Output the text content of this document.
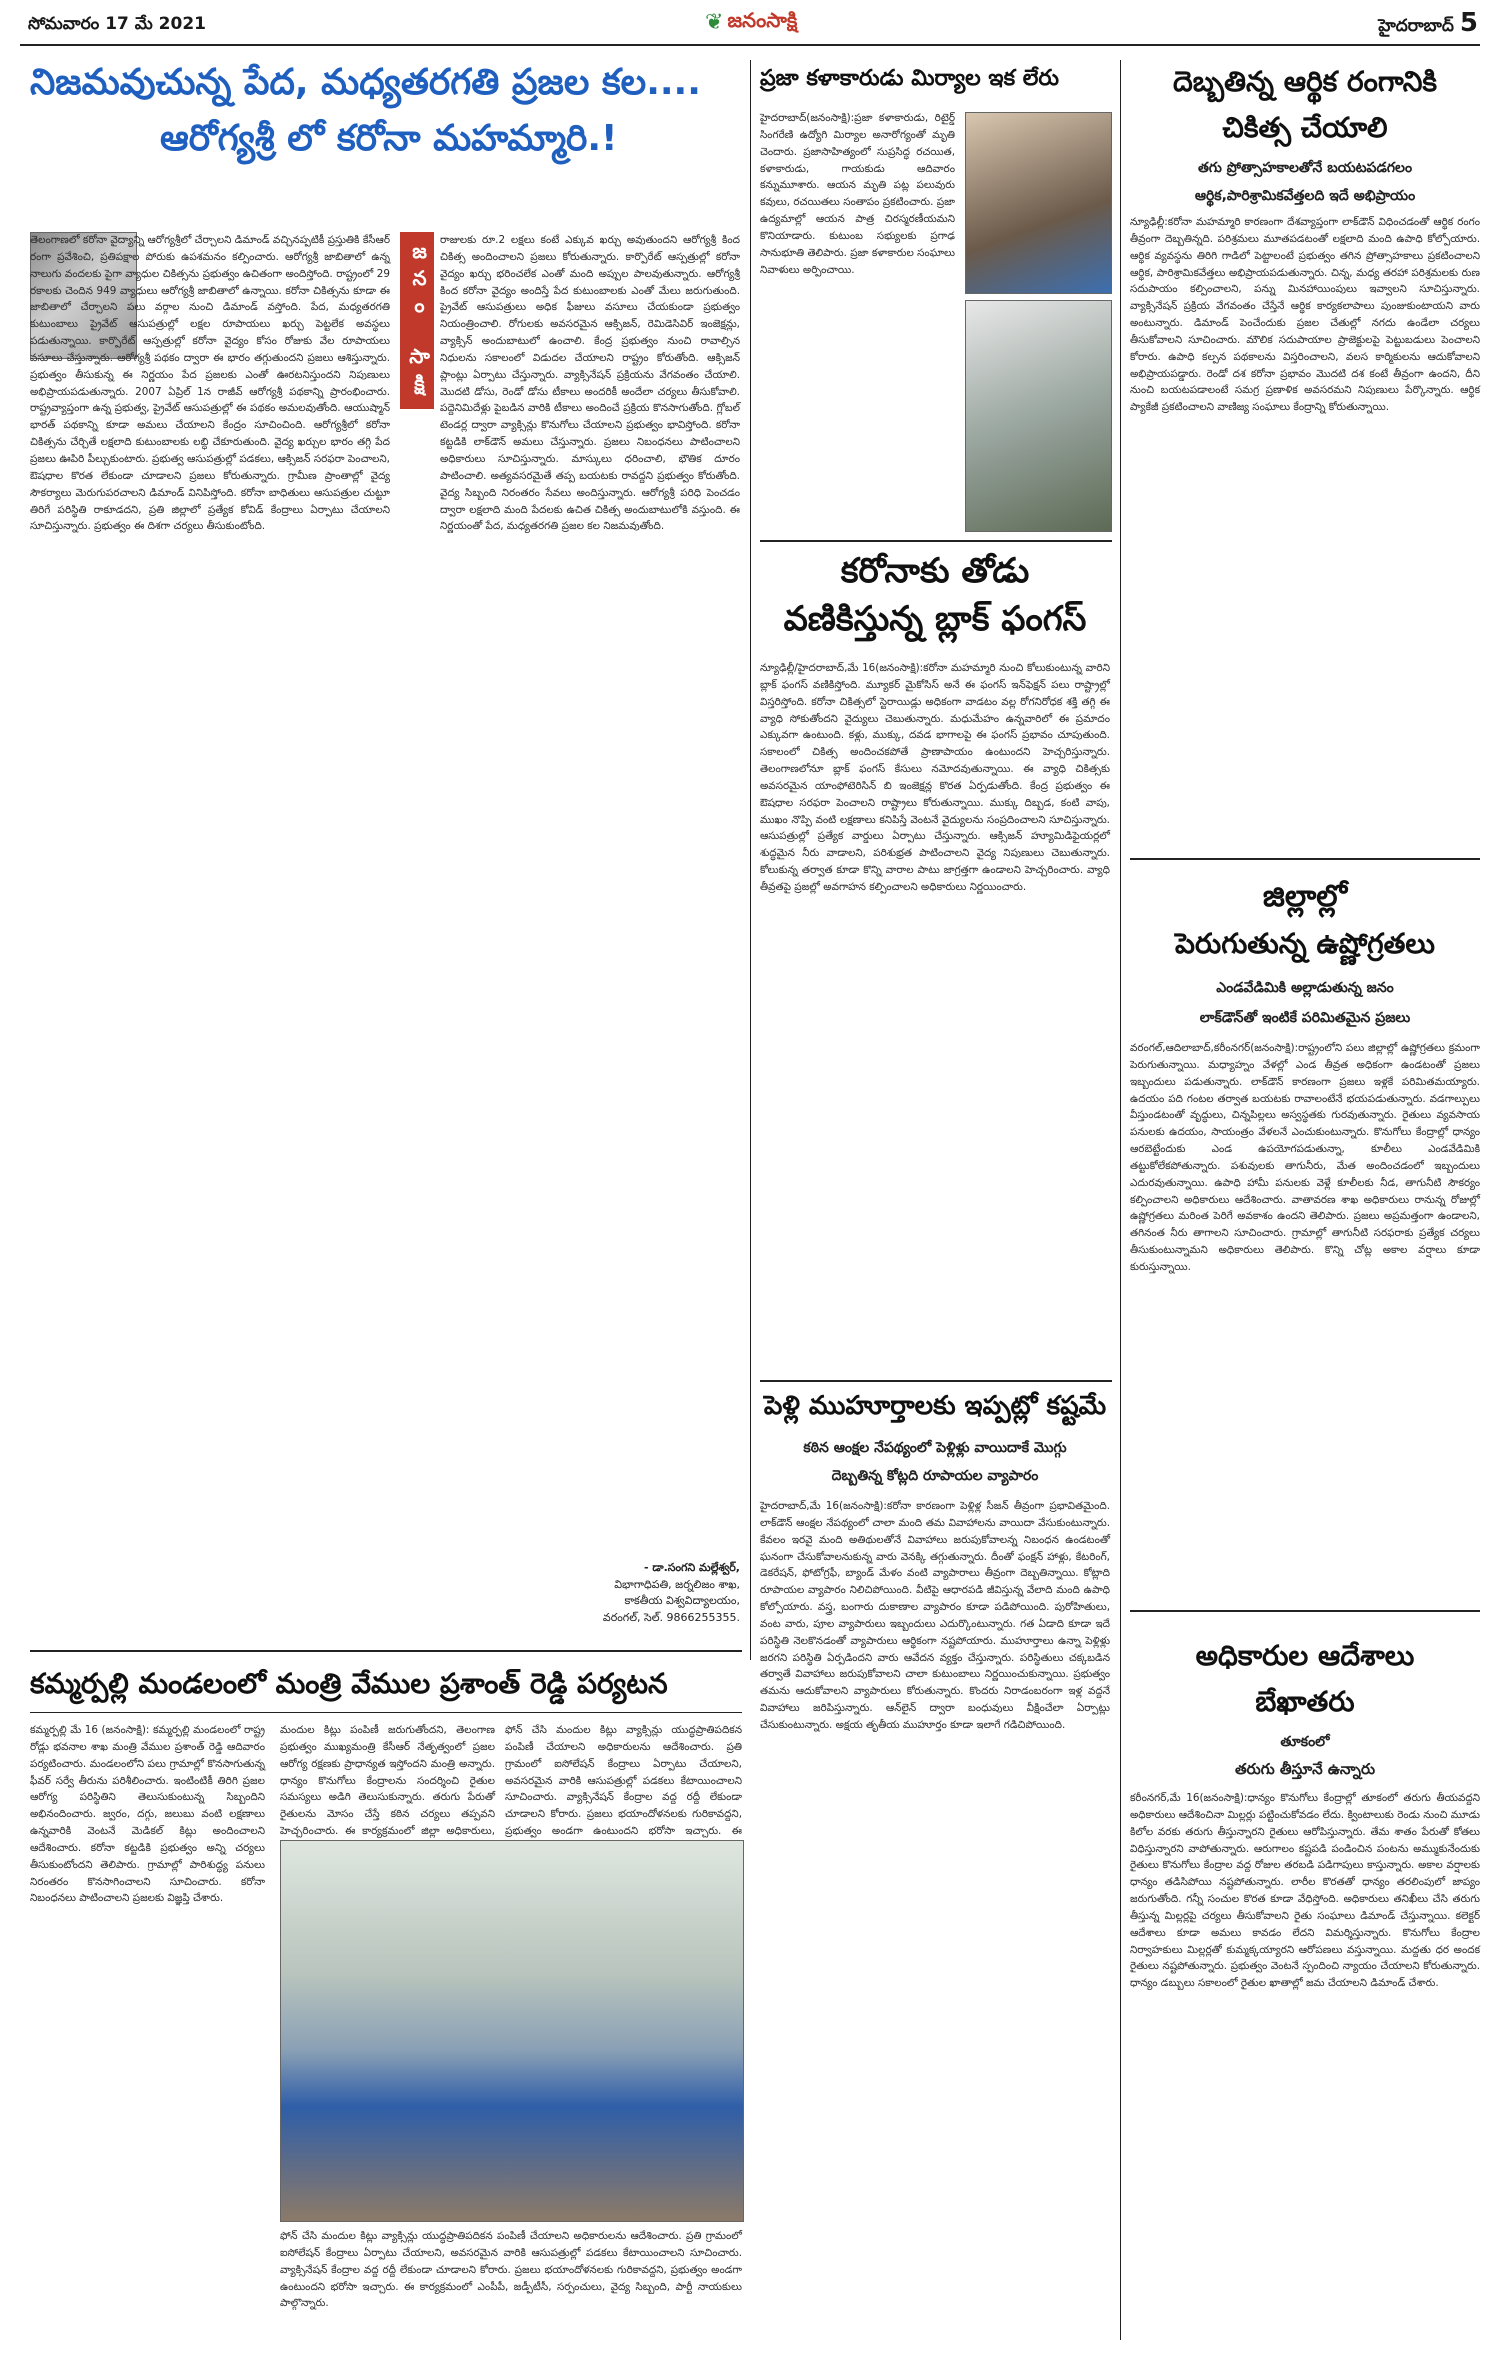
సోమవారం 17 మే 2021	❦ జనంసాక్షి	హైదరాబాద్ 5
నిజమవుచున్న పేద, మధ్యతరగతి ప్రజల కల....
ఆరోగ్యశ్రీ లో కరోనా మహమ్మారి.!
తెలంగాణలో కరోనా వైద్యాన్ని ఆరోగ్యశ్రీలో చేర్చాలని డిమాండ్ వచ్చినప్పటికీ ప్రస్తుతికి కేసీఆర్ రంగా ప్రవేశించి, ప్రతిపక్షాల పోరుకు ఉపశమనం కల్పించారు. ఆరోగ్యశ్రీ జాబితాలో ఉన్న నాలుగు వందలకు పైగా వ్యాధుల చికిత్సను ప్రభుత్వం ఉచితంగా అందిస్తోంది. రాష్ట్రంలో 29 రకాలకు చెందిన 949 వ్యాధులు ఆరోగ్యశ్రీ జాబితాలో ఉన్నాయి. కరోనా చికిత్సను కూడా ఈ జాబితాలో చేర్చాలని పలు వర్గాల నుంచి డిమాండ్ వస్తోంది. పేద, మధ్యతరగతి కుటుంబాలు ప్రైవేట్ ఆసుపత్రుల్లో లక్షల రూపాయలు ఖర్చు పెట్టలేక అవస్థలు పడుతున్నాయి. కార్పొరేట్ ఆస్పత్రుల్లో కరోనా వైద్యం కోసం రోజుకు వేల రూపాయలు వసూలు చేస్తున్నారు. ఆరోగ్యశ్రీ పథకం ద్వారా ఈ భారం తగ్గుతుందని ప్రజలు ఆశిస్తున్నారు. ప్రభుత్వం తీసుకున్న ఈ నిర్ణయం పేద ప్రజలకు ఎంతో ఊరటనిస్తుందని నిపుణులు అభిప్రాయపడుతున్నారు. 2007 ఏప్రిల్ 1న రాజీవ్ ఆరోగ్యశ్రీ పథకాన్ని ప్రారంభించారు. రాష్ట్రవ్యాప్తంగా ఉన్న ప్రభుత్వ, ప్రైవేట్ ఆసుపత్రుల్లో ఈ పథకం అమలవుతోంది. ఆయుష్మాన్ భారత్ పథకాన్ని కూడా అమలు చేయాలని కేంద్రం సూచించింది. ఆరోగ్యశ్రీలో కరోనా చికిత్సను చేర్చితే లక్షలాది కుటుంబాలకు లబ్ధి చేకూరుతుంది. వైద్య ఖర్చుల భారం తగ్గి పేద ప్రజలు ఊపిరి పీల్చుకుంటారు. ప్రభుత్వ ఆసుపత్రుల్లో పడకలు, ఆక్సిజన్ సరఫరా పెంచాలని, ఔషధాల కొరత లేకుండా చూడాలని ప్రజలు కోరుతున్నారు. గ్రామీణ ప్రాంతాల్లో వైద్య సౌకర్యాలు మెరుగుపరచాలని డిమాండ్ వినిపిస్తోంది. కరోనా బాధితులు ఆసుపత్రుల చుట్టూ తిరిగే పరిస్థితి రాకూడదని, ప్రతి జిల్లాలో ప్రత్యేక కోవిడ్ కేంద్రాలు ఏర్పాటు చేయాలని సూచిస్తున్నారు. ప్రభుత్వం ఈ దిశగా చర్యలు తీసుకుంటోంది.
జనం సాక్షి
రాజులకు రూ.2 లక్షలు కంటే ఎక్కువ ఖర్చు అవుతుందని ఆరోగ్యశ్రీ కింద చికిత్స అందించాలని ప్రజలు కోరుతున్నారు. కార్పొరేట్ ఆస్పత్రుల్లో కరోనా వైద్యం ఖర్చు భరించలేక ఎంతో మంది అప్పుల పాలవుతున్నారు. ఆరోగ్యశ్రీ కింద కరోనా వైద్యం అందిస్తే పేద కుటుంబాలకు ఎంతో మేలు జరుగుతుంది. ప్రైవేట్ ఆసుపత్రులు అధిక ఫీజులు వసూలు చేయకుండా ప్రభుత్వం నియంత్రించాలి. రోగులకు అవసరమైన ఆక్సిజన్, రెమిడెసివిర్ ఇంజెక్షన్లు, వ్యాక్సిన్ అందుబాటులో ఉంచాలి. కేంద్ర ప్రభుత్వం నుంచి రావాల్సిన నిధులను సకాలంలో విడుదల చేయాలని రాష్ట్రం కోరుతోంది. ఆక్సిజన్ ప్లాంట్లు ఏర్పాటు చేస్తున్నారు. వ్యాక్సినేషన్ ప్రక్రియను వేగవంతం చేయాలి. మొదటి డోసు, రెండో డోసు టీకాలు అందరికీ అందేలా చర్యలు తీసుకోవాలి. పద్దెనిమిదేళ్లు పైబడిన వారికి టీకాలు అందించే ప్రక్రియ కొనసాగుతోంది. గ్లోబల్ టెండర్ల ద్వారా వ్యాక్సిన్లు కొనుగోలు చేయాలని ప్రభుత్వం భావిస్తోంది. కరోనా కట్టడికి లాక్‌డౌన్ అమలు చేస్తున్నారు. ప్రజలు నిబంధనలు పాటించాలని అధికారులు సూచిస్తున్నారు. మాస్కులు ధరించాలి, భౌతిక దూరం పాటించాలి. అత్యవసరమైతే తప్ప బయటకు రావద్దని ప్రభుత్వం కోరుతోంది. వైద్య సిబ్బంది నిరంతరం సేవలు అందిస్తున్నారు. ఆరోగ్యశ్రీ పరిధి పెంచడం ద్వారా లక్షలాది మంది పేదలకు ఉచిత చికిత్స అందుబాటులోకి వస్తుంది. ఈ నిర్ణయంతో పేద, మధ్యతరగతి ప్రజల కల నిజమవుతోంది.
- డా.సంగని మల్లేశ్వర్,
విభాగాధిపతి, జర్నలిజం శాఖ,
కాకతీయ విశ్వవిద్యాలయం,
వరంగల్, సెల్. 9866255355.
ప్రజా కళాకారుడు మిర్యాల ఇక లేరు
హైదరాబాద్(జనంసాక్షి):ప్రజా కళాకారుడు, రిటైర్డ్ సింగరేణి ఉద్యోగి మిర్యాల అనారోగ్యంతో మృతి చెందారు. ప్రజాసాహిత్యంలో సుప్రసిద్ధ రచయిత, కళాకారుడు, గాయకుడు ఆదివారం కన్నుమూశారు. ఆయన మృతి పట్ల పలువురు కవులు, రచయితలు సంతాపం ప్రకటించారు. ప్రజా ఉద్యమాల్లో ఆయన పాత్ర చిరస్మరణీయమని కొనియాడారు. కుటుంబ సభ్యులకు ప్రగాఢ సానుభూతి తెలిపారు. ప్రజా కళాకారుల సంఘాలు నివాళులు అర్పించాయి.
కరోనాకు తోడు
వణికిస్తున్న బ్లాక్ ఫంగస్
న్యూఢిల్లీ/హైదరాబాద్,మే 16(జనంసాక్షి):కరోనా మహమ్మారి నుంచి కోలుకుంటున్న వారిని బ్లాక్ ఫంగస్ వణికిస్తోంది. మ్యూకర్ మైకోసిస్ అనే ఈ ఫంగస్ ఇన్‌ఫెక్షన్ పలు రాష్ట్రాల్లో విస్తరిస్తోంది. కరోనా చికిత్సలో స్టెరాయిడ్లు అధికంగా వాడటం వల్ల రోగనిరోధక శక్తి తగ్గి ఈ వ్యాధి సోకుతోందని వైద్యులు చెబుతున్నారు. మధుమేహం ఉన్నవారిలో ఈ ప్రమాదం ఎక్కువగా ఉంటుంది. కళ్లు, ముక్కు, దవడ భాగాలపై ఈ ఫంగస్ ప్రభావం చూపుతుంది. సకాలంలో చికిత్స అందించకపోతే ప్రాణాపాయం ఉంటుందని హెచ్చరిస్తున్నారు. తెలంగాణలోనూ బ్లాక్ ఫంగస్ కేసులు నమోదవుతున్నాయి. ఈ వ్యాధి చికిత్సకు అవసరమైన యాంఫోటెరిసిన్ బి ఇంజెక్షన్ల కొరత ఏర్పడుతోంది. కేంద్ర ప్రభుత్వం ఈ ఔషధాల సరఫరా పెంచాలని రాష్ట్రాలు కోరుతున్నాయి. ముక్కు దిబ్బడ, కంటి వాపు, ముఖం నొప్పి వంటి లక్షణాలు కనిపిస్తే వెంటనే వైద్యులను సంప్రదించాలని సూచిస్తున్నారు. ఆసుపత్రుల్లో ప్రత్యేక వార్డులు ఏర్పాటు చేస్తున్నారు. ఆక్సిజన్ హ్యూమిడిఫైయర్లలో శుద్ధమైన నీరు వాడాలని, పరిశుభ్రత పాటించాలని వైద్య నిపుణులు చెబుతున్నారు. కోలుకున్న తర్వాత కూడా కొన్ని వారాల పాటు జాగ్రత్తగా ఉండాలని హెచ్చరించారు. వ్యాధి తీవ్రతపై ప్రజల్లో అవగాహన కల్పించాలని అధికారులు నిర్ణయించారు.
పెళ్లి ముహూర్తాలకు ఇప్పట్లో కష్టమే
కఠిన ఆంక్షల నేపథ్యంలో పెళ్లిళ్లు వాయిదాకే మొగ్గు
దెబ్బతిన్న కోట్లది రూపాయల వ్యాపారం
హైదరాబాద్,మే 16(జనంసాక్షి):కరోనా కారణంగా పెళ్లిళ్ల సీజన్ తీవ్రంగా ప్రభావితమైంది. లాక్‌డౌన్ ఆంక్షల నేపథ్యంలో చాలా మంది తమ వివాహాలను వాయిదా వేసుకుంటున్నారు. కేవలం ఇరవై మంది అతిథులతోనే వివాహాలు జరుపుకోవాలన్న నిబంధన ఉండటంతో ఘనంగా చేసుకోవాలనుకున్న వారు వెనక్కి తగ్గుతున్నారు. దీంతో ఫంక్షన్ హాళ్లు, కేటరింగ్, డెకరేషన్, ఫోటోగ్రఫీ, బ్యాండ్ మేళం వంటి వ్యాపారాలు తీవ్రంగా దెబ్బతిన్నాయి. కోట్లాది రూపాయల వ్యాపారం నిలిచిపోయింది. వీటిపై ఆధారపడి జీవిస్తున్న వేలాది మంది ఉపాధి కోల్పోయారు. వస్త్ర, బంగారు దుకాణాల వ్యాపారం కూడా పడిపోయింది. పురోహితులు, వంట వారు, పూల వ్యాపారులు ఇబ్బందులు ఎదుర్కొంటున్నారు. గత ఏడాది కూడా ఇదే పరిస్థితి నెలకొనడంతో వ్యాపారులు ఆర్థికంగా నష్టపోయారు. ముహూర్తాలు ఉన్నా పెళ్లిళ్లు జరగని పరిస్థితి ఏర్పడిందని వారు ఆవేదన వ్యక్తం చేస్తున్నారు. పరిస్థితులు చక్కబడిన తర్వాతే వివాహాలు జరుపుకోవాలని చాలా కుటుంబాలు నిర్ణయించుకున్నాయి. ప్రభుత్వం తమను ఆదుకోవాలని వ్యాపారులు కోరుతున్నారు. కొందరు నిరాడంబరంగా ఇళ్ల వద్దనే వివాహాలు జరిపిస్తున్నారు. ఆన్‌లైన్ ద్వారా బంధువులు వీక్షించేలా ఏర్పాట్లు చేసుకుంటున్నారు. అక్షయ తృతీయ ముహూర్తం కూడా ఇలాగే గడిచిపోయింది.
దెబ్బతిన్న ఆర్థిక రంగానికి
చికిత్స చేయాలి
తగు ప్రోత్సాహకాలతోనే బయటపడగలం
ఆర్థిక,పారిశ్రామికవేత్తలది ఇదే అభిప్రాయం
న్యూఢిల్లీ:కరోనా మహమ్మారి కారణంగా దేశవ్యాప్తంగా లాక్‌డౌన్ విధించడంతో ఆర్థిక రంగం తీవ్రంగా దెబ్బతిన్నది. పరిశ్రమలు మూతపడటంతో లక్షలాది మంది ఉపాధి కోల్పోయారు. ఆర్థిక వ్యవస్థను తిరిగి గాడిలో పెట్టాలంటే ప్రభుత్వం తగిన ప్రోత్సాహకాలు ప్రకటించాలని ఆర్థిక, పారిశ్రామికవేత్తలు అభిప్రాయపడుతున్నారు. చిన్న, మధ్య తరహా పరిశ్రమలకు రుణ సదుపాయం కల్పించాలని, పన్ను మినహాయింపులు ఇవ్వాలని సూచిస్తున్నారు. వ్యాక్సినేషన్ ప్రక్రియ వేగవంతం చేస్తేనే ఆర్థిక కార్యకలాపాలు పుంజుకుంటాయని వారు అంటున్నారు. డిమాండ్ పెంచేందుకు ప్రజల చేతుల్లో నగదు ఉండేలా చర్యలు తీసుకోవాలని సూచించారు. మౌలిక సదుపాయాల ప్రాజెక్టులపై పెట్టుబడులు పెంచాలని కోరారు. ఉపాధి కల్పన పథకాలను విస్తరించాలని, వలస కార్మికులను ఆదుకోవాలని అభిప్రాయపడ్డారు. రెండో దశ కరోనా ప్రభావం మొదటి దశ కంటే తీవ్రంగా ఉందని, దీని నుంచి బయటపడాలంటే సమగ్ర ప్రణాళిక అవసరమని నిపుణులు పేర్కొన్నారు. ఆర్థిక ప్యాకేజీ ప్రకటించాలని వాణిజ్య సంఘాలు కేంద్రాన్ని కోరుతున్నాయి.
జిల్లాల్లో
పెరుగుతున్న ఉష్ణోగ్రతలు
ఎండవేడిమికి అల్లాడుతున్న జనం
లాక్‌డౌన్‌తో ఇంటికే పరిమితమైన ప్రజలు
వరంగల్,ఆదిలాబాద్,కరీంనగర్(జనంసాక్షి):రాష్ట్రంలోని పలు జిల్లాల్లో ఉష్ణోగ్రతలు క్రమంగా పెరుగుతున్నాయి. మధ్యాహ్నం వేళల్లో ఎండ తీవ్రత అధికంగా ఉండటంతో ప్రజలు ఇబ్బందులు పడుతున్నారు. లాక్‌డౌన్ కారణంగా ప్రజలు ఇళ్లకే పరిమితమయ్యారు. ఉదయం పది గంటల తర్వాత బయటకు రావాలంటేనే భయపడుతున్నారు. వడగాల్పులు వీస్తుండటంతో వృద్ధులు, చిన్నపిల్లలు అస్వస్థతకు గురవుతున్నారు. రైతులు వ్యవసాయ పనులకు ఉదయం, సాయంత్రం వేళలనే ఎంచుకుంటున్నారు. కొనుగోలు కేంద్రాల్లో ధాన్యం ఆరబెట్టేందుకు ఎండ ఉపయోగపడుతున్నా, కూలీలు ఎండవేడిమికి తట్టుకోలేకపోతున్నారు. పశువులకు తాగునీరు, మేత అందించడంలో ఇబ్బందులు ఎదురవుతున్నాయి. ఉపాధి హామీ పనులకు వెళ్లే కూలీలకు నీడ, తాగునీటి సౌకర్యం కల్పించాలని అధికారులు ఆదేశించారు. వాతావరణ శాఖ అధికారులు రానున్న రోజుల్లో ఉష్ణోగ్రతలు మరింత పెరిగే అవకాశం ఉందని తెలిపారు. ప్రజలు అప్రమత్తంగా ఉండాలని, తగినంత నీరు తాగాలని సూచించారు. గ్రామాల్లో తాగునీటి సరఫరాకు ప్రత్యేక చర్యలు తీసుకుంటున్నామని అధికారులు తెలిపారు. కొన్ని చోట్ల అకాల వర్షాలు కూడా కురుస్తున్నాయి.
అధికారుల ఆదేశాలు
బేఖాతరు
తూకంలో
తరుగు తీస్తూనే ఉన్నారు
కరీంనగర్,మే 16(జనంసాక్షి):ధాన్యం కొనుగోలు కేంద్రాల్లో తూకంలో తరుగు తీయవద్దని అధికారులు ఆదేశించినా మిల్లర్లు పట్టించుకోవడం లేదు. క్వింటాలుకు రెండు నుంచి మూడు కిలోల వరకు తరుగు తీస్తున్నారని రైతులు ఆరోపిస్తున్నారు. తేమ శాతం పేరుతో కోతలు విధిస్తున్నారని వాపోతున్నారు. ఆరుగాలం కష్టపడి పండించిన పంటను అమ్ముకునేందుకు రైతులు కొనుగోలు కేంద్రాల వద్ద రోజుల తరబడి పడిగాపులు కాస్తున్నారు. అకాల వర్షాలకు ధాన్యం తడిసిపోయి నష్టపోతున్నారు. లారీల కొరతతో ధాన్యం తరలింపులో జాప్యం జరుగుతోంది. గన్నీ సంచుల కొరత కూడా వేధిస్తోంది. అధికారులు తనిఖీలు చేసి తరుగు తీస్తున్న మిల్లర్లపై చర్యలు తీసుకోవాలని రైతు సంఘాలు డిమాండ్ చేస్తున్నాయి. కలెక్టర్ ఆదేశాలు కూడా అమలు కావడం లేదని విమర్శిస్తున్నారు. కొనుగోలు కేంద్రాల నిర్వాహకులు మిల్లర్లతో కుమ్మక్కయ్యారని ఆరోపణలు వస్తున్నాయి. మద్దతు ధర అందక రైతులు నష్టపోతున్నారు. ప్రభుత్వం వెంటనే స్పందించి న్యాయం చేయాలని కోరుతున్నారు. ధాన్యం డబ్బులు సకాలంలో రైతుల ఖాతాల్లో జమ చేయాలని డిమాండ్ చేశారు.
కమ్మర్పల్లి మండలంలో మంత్రి వేముల ప్రశాంత్ రెడ్డి పర్యటన
కమ్మర్పల్లి మే 16 (జనంసాక్షి): కమ్మర్పల్లి మండలంలో రాష్ట్ర రోడ్లు భవనాల శాఖ మంత్రి వేముల ప్రశాంత్ రెడ్డి ఆదివారం పర్యటించారు. మండలంలోని పలు గ్రామాల్లో కొనసాగుతున్న ఫీవర్ సర్వే తీరును పరిశీలించారు. ఇంటింటికీ తిరిగి ప్రజల ఆరోగ్య పరిస్థితిని తెలుసుకుంటున్న సిబ్బందిని అభినందించారు. జ్వరం, దగ్గు, జలుబు వంటి లక్షణాలు ఉన్నవారికి వెంటనే మెడికల్ కిట్లు అందించాలని ఆదేశించారు. కరోనా కట్టడికి ప్రభుత్వం అన్ని చర్యలు తీసుకుంటోందని తెలిపారు. గ్రామాల్లో పారిశుద్ధ్య పనులు నిరంతరం కొనసాగించాలని సూచించారు. కరోనా నిబంధనలు పాటించాలని ప్రజలకు విజ్ఞప్తి చేశారు.
మందుల కిట్లు పంపిణీ జరుగుతోందని, తెలంగాణ ప్రభుత్వం ముఖ్యమంత్రి కేసీఆర్ నేతృత్వంలో ప్రజల ఆరోగ్య రక్షణకు ప్రాధాన్యత ఇస్తోందని మంత్రి అన్నారు. ధాన్యం కొనుగోలు కేంద్రాలను సందర్శించి రైతుల సమస్యలు అడిగి తెలుసుకున్నారు. తరుగు పేరుతో రైతులను మోసం చేస్తే కఠిన చర్యలు తప్పవని హెచ్చరించారు. ఈ కార్యక్రమంలో జిల్లా అధికారులు,
ఫోన్ చేసి మందుల కిట్లు వ్యాక్సిన్లు యుద్ధప్రాతిపదికన పంపిణీ చేయాలని అధికారులను ఆదేశించారు. ప్రతి గ్రామంలో ఐసోలేషన్ కేంద్రాలు ఏర్పాటు చేయాలని, అవసరమైన వారికి ఆసుపత్రుల్లో పడకలు కేటాయించాలని సూచించారు. వ్యాక్సినేషన్ కేంద్రాల వద్ద రద్దీ లేకుండా చూడాలని కోరారు. ప్రజలు భయాందోళనలకు గురికావద్దని, ప్రభుత్వం అండగా ఉంటుందని భరోసా ఇచ్చారు. ఈ
ఫోన్ చేసి మందుల కిట్లు వ్యాక్సిన్లు యుద్ధప్రాతిపదికన పంపిణీ చేయాలని అధికారులను ఆదేశించారు. ప్రతి గ్రామంలో ఐసోలేషన్ కేంద్రాలు ఏర్పాటు చేయాలని, అవసరమైన వారికి ఆసుపత్రుల్లో పడకలు కేటాయించాలని సూచించారు. వ్యాక్సినేషన్ కేంద్రాల వద్ద రద్దీ లేకుండా చూడాలని కోరారు. ప్రజలు భయాందోళనలకు గురికావద్దని, ప్రభుత్వం అండగా ఉంటుందని భరోసా ఇచ్చారు. ఈ కార్యక్రమంలో ఎంపీపీ, జడ్పీటీసీ, సర్పంచులు, వైద్య సిబ్బంది, పార్టీ నాయకులు పాల్గొన్నారు.
